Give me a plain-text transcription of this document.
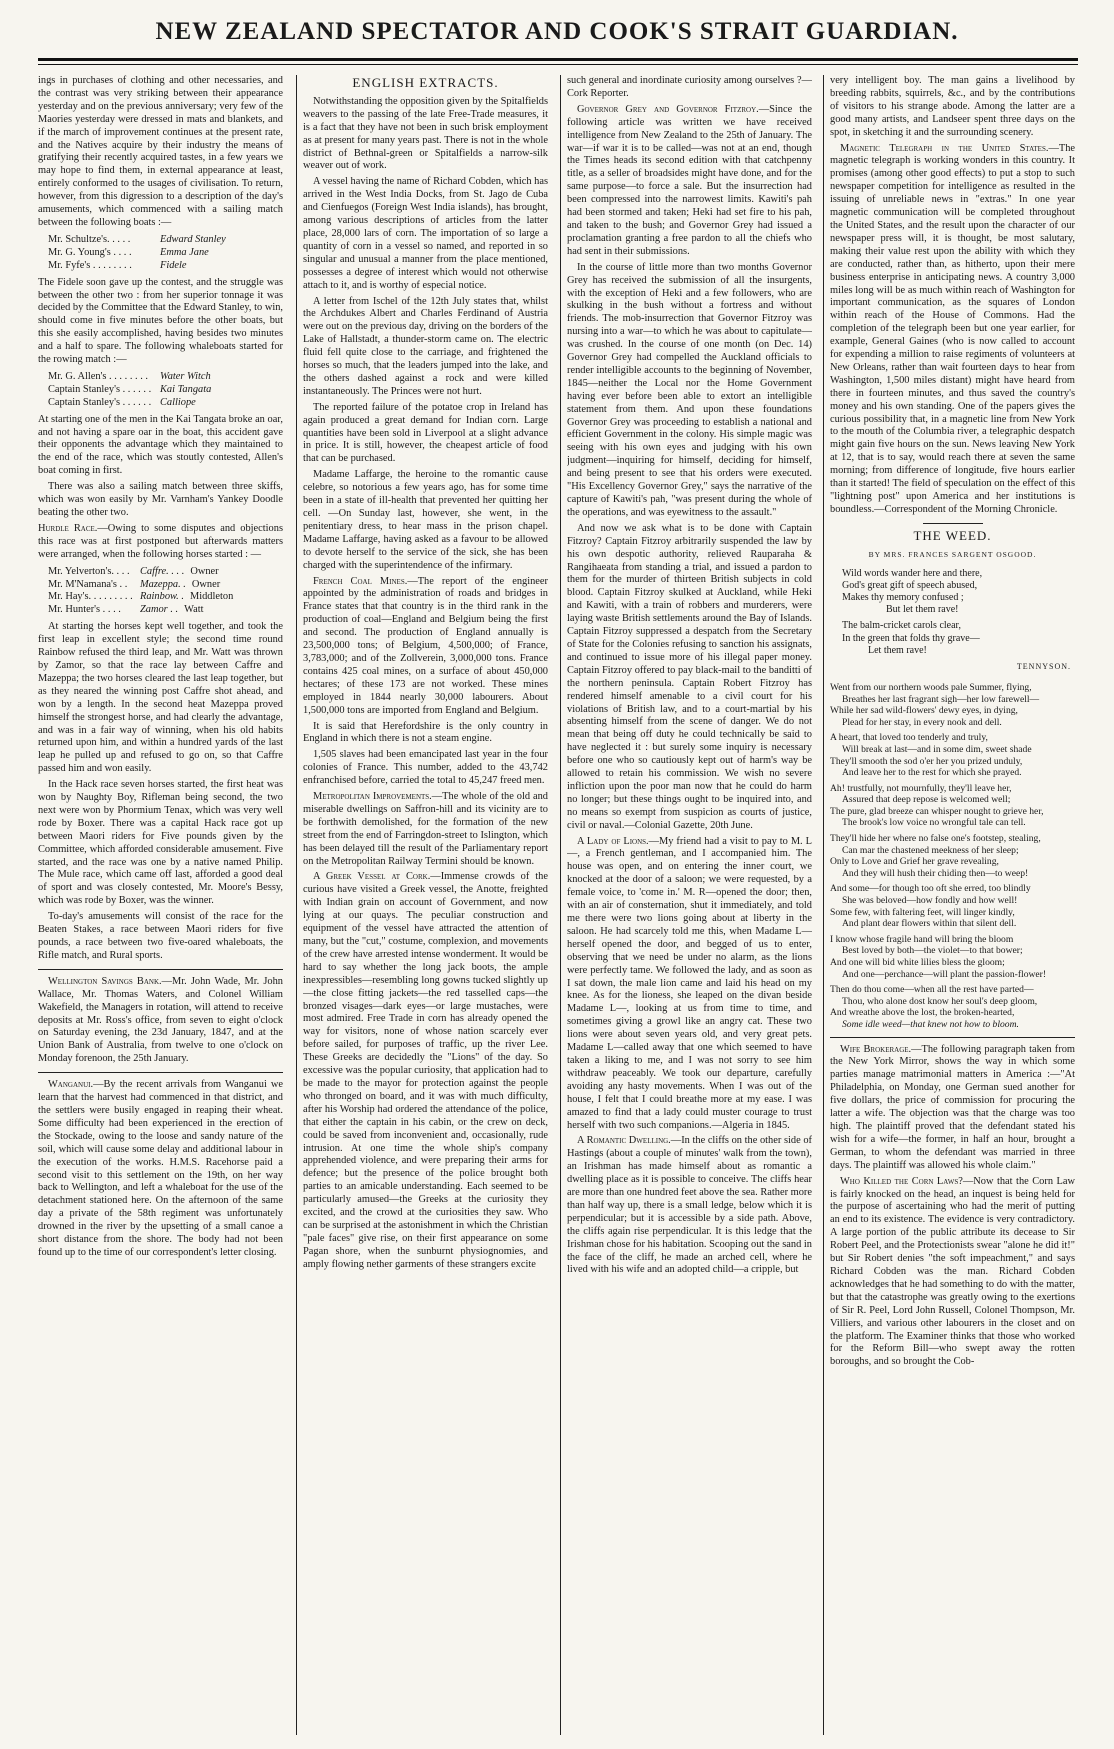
NEW ZEALAND SPECTATOR AND COOK'S STRAIT GUARDIAN.

ings in purchases of clothing and other necessaries, and the contrast was very striking between their appearance yesterday and on the previous anniversary; very few of the Maories yesterday were dressed in mats and blankets, and if the march of improvement continues at the present rate, and the Natives acquire by their industry the means of gratifying their recently acquired tastes, in a few years we may hope to find them, in external appearance at least, entirely conformed to the usages of civilisation. To return, however, from this digression to a description of the day's amusements, which commenced with a sailing match between the following boats :—

Mr. Schultze's. . . . .	Edward Stanley
Mr. G. Young's . . . .	Emma Jane
Mr. Fyfe's . . . . . . . .	Fidele

The Fidele soon gave up the contest, and the struggle was between the other two : from her superior tonnage it was decided by the Committee that the Edward Stanley, to win, should come in five minutes before the other boats, but this she easily accomplished, having besides two minutes and a half to spare. The following whaleboats started for the rowing match :—

Mr. G. Allen's . . . . . . . .	Water Witch
Captain Stanley's . . . . . . Kai Tangata
Captain Stanley's . . . . . . Calliope

At starting one of the men in the Kai Tangata broke an oar, and not having a spare oar in the boat, this accident gave their opponents the advantage which they maintained to the end of the race, which was stoutly contested, Allen's boat coming in first.

There was also a sailing match between three skiffs, which was won easily by Mr. Varnham's Yankey Doodle beating the other two.

Hurdle Race.—Owing to some disputes and objections this race was at first postponed but afterwards matters were arranged, when the following horses started : —

Mr. Yelverton's. . . .	Caffre. . . . Owner
Mr. M'Namana's . .	Mazeppa. . Owner
Mr. Hay's. . . . . . . . . Rainbow. . Middleton
Mr. Hunter's . . . .	Zamor . . Watt

At starting the horses kept well together, and took the first leap in excellent style; the second time round Rainbow refused the third leap, and Mr. Watt was thrown by Zamor, so that the race lay between Caffre and Mazeppa; the two horses cleared the last leap together, but as they neared the winning post Caffre shot ahead, and won by a length. In the second heat Mazeppa proved himself the strongest horse, and had clearly the advantage, and was in a fair way of winning, when his old habits returned upon him, and within a hundred yards of the last leap he pulled up and refused to go on, so that Caffre passed him and won easily.

In the Hack race seven horses started, the first heat was won by Naughty Boy, Rifleman being second, the two next were won by Phormium Tenax, which was very well rode by Boxer. There was a capital Hack race got up between Maori riders for Five pounds given by the Committee, which afforded considerable amusement. Five started, and the race was one by a native named Philip. The Mule race, which came off last, afforded a good deal of sport and was closely contested, Mr. Moore's Bessy, which was rode by Boxer, was the winner.

To-day's amusements will consist of the race for the Beaten Stakes, a race between Maori riders for five pounds, a race between two five-oared whaleboats, the Rifle match, and Rural sports.

Wellington Savings Bank.—Mr. John Wade, Mr. John Wallace, Mr. Thomas Waters, and Colonel William Wakefield, the Managers in rotation, will attend to receive deposits at Mr. Ross's office, from seven to eight o'clock on Saturday evening, the 23d January, 1847, and at the Union Bank of Australia, from twelve to one o'clock on Monday forenoon, the 25th January.

Wanganui.—By the recent arrivals from Wanganui we learn that the harvest had commenced in that district, and the settlers were busily engaged in reaping their wheat. Some difficulty had been experienced in the erection of the Stockade, owing to the loose and sandy nature of the soil, which will cause some delay and additional labour in the execution of the works. H.M.S. Racehorse paid a second visit to this settlement on the 19th, on her way back to Wellington, and left a whaleboat for the use of the detachment stationed here. On the afternoon of the same day a private of the 58th regiment was unfortunately drowned in the river by the upsetting of a small canoe a short distance from the shore. The body had not been found up to the time of our correspondent's letter closing.

ENGLISH EXTRACTS.

Notwithstanding the opposition given by the Spitalfields weavers to the passing of the late Free-Trade measures, it is a fact that they have not been in such brisk employment as at present for many years past. There is not in the whole district of Bethnal-green or Spitalfields a narrow-silk weaver out of work.

A vessel having the name of Richard Cobden, which has arrived in the West India Docks, from St. Jago de Cuba and Cienfuegos (Foreign West India islands), has brought, among various descriptions of articles from the latter place, 28,000 lars of corn. The importation of so large a quantity of corn in a vessel so named, and reported in so singular and unusual a manner from the place mentioned, possesses a degree of interest which would not otherwise attach to it, and is worthy of especial notice.

A letter from Ischel of the 12th July states that, whilst the Archdukes Albert and Charles Ferdinand of Austria were out on the previous day, driving on the borders of the Lake of Hallstadt, a thunder-storm came on. The electric fluid fell quite close to the carriage, and frightened the horses so much, that the leaders jumped into the lake, and the others dashed against a rock and were killed instantaneously. The Princes were not hurt.

The reported failure of the potatoe crop in Ireland has again produced a great demand for Indian corn. Large quantities have been sold in Liverpool at a slight advance in price. It is still, however, the cheapest article of food that can be purchased.

Madame Laffarge, the heroine to the romantic cause celebre, so notorious a few years ago, has for some time been in a state of ill-health that prevented her quitting her cell. —On Sunday last, however, she went, in the penitentiary dress, to hear mass in the prison chapel. Madame Laffarge, having asked as a favour to be allowed to devote herself to the service of the sick, she has been charged with the superintendence of the infirmary.

French Coal Mines.—The report of the engineer appointed by the administration of roads and bridges in France states that that country is in the third rank in the production of coal—England and Belgium being the first and second. The production of England annually is 23,500,000 tons; of Belgium, 4,500,000; of France, 3,783,000; and of the Zollverein, 3,000,000 tons. France contains 425 coal mines, on a surface of about 450,000 hectares; of these 173 are not worked. These mines employed in 1844 nearly 30,000 labourers. About 1,500,000 tons are imported from England and Belgium.

It is said that Herefordshire is the only country in England in which there is not a steam engine.

1,505 slaves had been emancipated last year in the four colonies of France. This number, added to the 43,742 enfranchised before, carried the total to 45,247 freed men.

Metropolitan Improvements.—The whole of the old and miserable dwellings on Saffron-hill and its vicinity are to be forthwith demolished, for the formation of the new street from the end of Farringdon-street to Islington, which has been delayed till the result of the Parliamentary report on the Metropolitan Railway Termini should be known.

A Greek Vessel at Cork.—Immense crowds of the curious have visited a Greek vessel, the Anotte, freighted with Indian grain on account of Government, and now lying at our quays. The peculiar construction and equipment of the vessel have attracted the attention of many, but the "cut," costume, complexion, and movements of the crew have arrested intense wonderment. It would be hard to say whether the long jack boots, the ample inexpressibles—resembling long gowns tucked slightly up—the close fitting jackets—the red tasselled caps—the bronzed visages—dark eyes—or large mustaches, were most admired. Free Trade in corn has already opened the way for visitors, none of whose nation scarcely ever before sailed, for purposes of traffic, up the river Lee. These Greeks are decidedly the "Lions" of the day. So excessive was the popular curiosity, that application had to be made to the mayor for protection against the people who thronged on board, and it was with much difficulty, after his Worship had ordered the attendance of the police, that either the captain in his cabin, or the crew on deck, could be saved from inconvenient and, occasionally, rude intrusion. At one time the whole ship's company apprehended violence, and were preparing their arms for defence; but the presence of the police brought both parties to an amicable understanding. Each seemed to be particularly amused—the Greeks at the curiosity they excited, and the crowd at the curiosities they saw. Who can be surprised at the astonishment in which the Christian "pale faces" give rise, on their first appearance on some Pagan shore, when the sunburnt physiognomies, and amply flowing nether garments of these strangers excite

such general and inordinate curiosity among ourselves ?—Cork Reporter.

Governor Grey and Governor Fitzroy.—Since the following article was written we have received intelligence from New Zealand to the 25th of January. The war—if war it is to be called—was not at an end, though the Times heads its second edition with that catchpenny title, as a seller of broadsides might have done, and for the same purpose—to force a sale. But the insurrection had been compressed into the narrowest limits. Kawiti's pah had been stormed and taken; Heki had set fire to his pah, and taken to the bush; and Governor Grey had issued a proclamation granting a free pardon to all the chiefs who had sent in their submissions.

In the course of little more than two months Governor Grey has received the submission of all the insurgents, with the exception of Heki and a few followers, who are skulking in the bush without a fortress and without friends. The mob-insurrection that Governor Fitzroy was nursing into a war—to which he was about to capitulate—was crushed. In the course of one month (on Dec. 14) Governor Grey had compelled the Auckland officials to render intelligible accounts to the beginning of November, 1845—neither the Local nor the Home Government having ever before been able to extort an intelligible statement from them. And upon these foundations Governor Grey was proceeding to establish a national and efficient Government in the colony. His simple magic was seeing with his own eyes and judging with his own judgment—inquiring for himself, deciding for himself, and being present to see that his orders were executed. "His Excellency Governor Grey," says the narrative of the capture of Kawiti's pah, "was present during the whole of the operations, and was eyewitness to the assault."

And now we ask what is to be done with Captain Fitzroy? Captain Fitzroy arbitrarily suspended the law by his own despotic authority, relieved Rauparaha & Rangihaeata from standing a trial, and issued a pardon to them for the murder of thirteen British subjects in cold blood. Captain Fitzroy skulked at Auckland, while Heki and Kawiti, with a train of robbers and murderers, were laying waste British settlements around the Bay of Islands. Captain Fitzroy suppressed a despatch from the Secretary of State for the Colonies refusing to sanction his assignats, and continued to issue more of his illegal paper money. Captain Fitzroy offered to pay black-mail to the banditti of the northern peninsula. Captain Robert Fitzroy has rendered himself amenable to a civil court for his violations of British law, and to a court-martial by his absenting himself from the scene of danger. We do not mean that being off duty he could technically be said to have neglected it : but surely some inquiry is necessary before one who so cautiously kept out of harm's way be allowed to retain his commission. We wish no severe infliction upon the poor man now that he could do harm no longer; but these things ought to be inquired into, and no means so exempt from suspicion as courts of justice, civil or naval.—Colonial Gazette, 20th June.

A Lady of Lions.—My friend had a visit to pay to M. L—, a French gentleman, and I accompanied him. The house was open, and on entering the inner court, we knocked at the door of a saloon; we were requested, by a female voice, to 'come in.' M. R—opened the door; then, with an air of consternation, shut it immediately, and told me there were two lions going about at liberty in the saloon. He had scarcely told me this, when Madame L—herself opened the door, and begged of us to enter, observing that we need be under no alarm, as the lions were perfectly tame. We followed the lady, and as soon as I sat down, the male lion came and laid his head on my knee. As for the lioness, she leaped on the divan beside Madame L—, looking at us from time to time, and sometimes giving a growl like an angry cat. These two lions were about seven years old, and very great pets. Madame L—called away that one which seemed to have taken a liking to me, and I was not sorry to see him withdraw peaceably. We took our departure, carefully avoiding any hasty movements. When I was out of the house, I felt that I could breathe more at my ease. I was amazed to find that a lady could muster courage to trust herself with two such companions.—Algeria in 1845.

A Romantic Dwelling.—In the cliffs on the other side of Hastings (about a couple of minutes' walk from the town), an Irishman has made himself about as romantic a dwelling place as it is possible to conceive. The cliffs hear are more than one hundred feet above the sea. Rather more than half way up, there is a small ledge, below which it is perpendicular; but it is accessible by a side path. Above, the cliffs again rise perpendicular. It is this ledge that the Irishman chose for his habitation. Scooping out the sand in the face of the cliff, he made an arched cell, where he lived with his wife and an adopted child—a cripple, but

very intelligent boy. The man gains a livelihood by breeding rabbits, squirrels, &c., and by the contributions of visitors to his strange abode. Among the latter are a good many artists, and Landseer spent three days on the spot, in sketching it and the surrounding scenery.

Magnetic Telegraph in the United States.—The magnetic telegraph is working wonders in this country. It promises (among other good effects) to put a stop to such newspaper competition for intelligence as resulted in the issuing of unreliable news in "extras." In one year magnetic communication will be completed throughout the United States, and the result upon the character of our newspaper press will, it is thought, be most salutary, making their value rest upon the ability with which they are conducted, rather than, as hitherto, upon their mere business enterprise in anticipating news. A country 3,000 miles long will be as much within reach of Washington for important communication, as the squares of London within reach of the House of Commons. Had the completion of the telegraph been but one year earlier, for example, General Gaines (who is now called to account for expending a million to raise regiments of volunteers at New Orleans, rather than wait fourteen days to hear from Washington, 1,500 miles distant) might have heard from there in fourteen minutes, and thus saved the country's money and his own standing. One of the papers gives the curious possibility that, in a magnetic line from New York to the mouth of the Columbia river, a telegraphic despatch might gain five hours on the sun. News leaving New York at 12, that is to say, would reach there at seven the same morning; from difference of longitude, five hours earlier than it started! The field of speculation on the effect of this "lightning post" upon America and her institutions is boundless.—Correspondent of the Morning Chronicle.

THE WEED.
BY MRS. FRANCES SARGENT OSGOOD.
Wild words wander here and there,
God's great gift of speech abused,
Makes thy memory confused ;
But let them rave!
The balm-cricket carols clear,
In the green that folds thy grave—
Let them rave!
TENNYSON.
Went from our northern woods pale Summer, flying,
Breathes her last fragrant sigh—her low farewell—
While her sad wild-flowers' dewy eyes, in dying,
Plead for her stay, in every nook and dell.
A heart, that loved too tenderly and truly,
Will break at last—and in some dim, sweet shade
They'll smooth the sod o'er her you prized unduly,
And leave her to the rest for which she prayed.
Ah! trustfully, not mournfully, they'll leave her,
Assured that deep repose is welcomed well;
The pure, glad breeze can whisper nought to grieve her,
The brook's low voice no wrongful tale can tell.
They'll hide her where no false one's footstep, stealing,
Can mar the chastened meekness of her sleep;
Only to Love and Grief her grave revealing,
And they will hush their chiding then—to weep!
And some—for though too oft she erred, too blindly
She was beloved—how fondly and how well!
Some few, with faltering feet, will linger kindly,
And plant dear flowers within that silent dell.
I know whose fragile hand will bring the bloom
Best loved by both—the violet—to that bower;
And one will bid white lilies bless the gloom;
And one—perchance—will plant the passion-flower!
Then do thou come—when all the rest have parted—
Thou, who alone dost know her soul's deep gloom,
And wreathe above the lost, the broken-hearted,
Some idle weed—that knew not how to bloom.

Wife Brokerage.—The following paragraph taken from the New York Mirror, shows the way in which some parties manage matrimonial matters in America :—"At Philadelphia, on Monday, one German sued another for five dollars, the price of commission for procuring the latter a wife. The objection was that the charge was too high. The plaintiff proved that the defendant stated his wish for a wife—the former, in half an hour, brought a German, to whom the defendant was married in three days. The plaintiff was allowed his whole claim."

Who Killed the Corn Laws?—Now that the Corn Law is fairly knocked on the head, an inquest is being held for the purpose of ascertaining who had the merit of putting an end to its existence. The evidence is very contradictory. A large portion of the public attribute its decease to Sir Robert Peel, and the Protectionists swear "alone he did it!" but Sir Robert denies "the soft impeachment," and says Richard Cobden was the man. Richard Cobden acknowledges that he had something to do with the matter, but that the catastrophe was greatly owing to the exertions of Sir R. Peel, Lord John Russell, Colonel Thompson, Mr. Villiers, and various other labourers in the closet and on the platform. The Examiner thinks that those who worked for the Reform Bill—who swept away the rotten boroughs, and so brought the Cob-
